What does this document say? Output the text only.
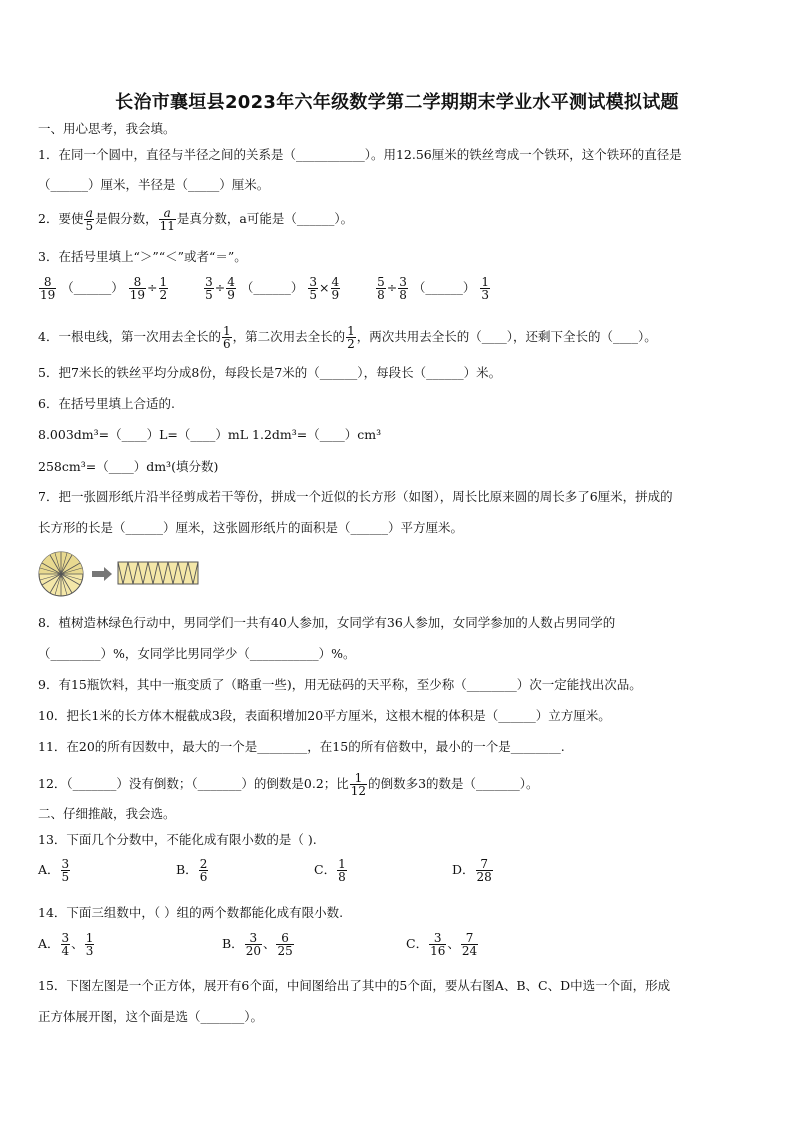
长治市襄垣县2023年六年级数学第二学期期末学业水平测试模拟试题
一、用心思考，我会填。
1．在同一个圆中，直径与半径之间的关系是（___________）。用12.56厘米的铁丝弯成一个铁环，这个铁环的直径是
（______）厘米，半径是（_____）厘米。
2．要使 $\frac{a}{5}$ 是假分数， $\frac{a}{11}$ 是真分数，a可能是（______）。
3．在括号里填上“＞”“＜”或者“＝”。
$\frac{8}{19}$ （______） $\frac{8}{19} \div \frac{1}{2}$
	$\frac{3}{5} \div \frac{4}{9}$ （______） $\frac{3}{5} \times \frac{4}{9}$
	$\frac{5}{8} \div \frac{3}{8}$ （______） $\frac{1}{3}$
4．一根电线，第一次用去全长的 $\frac{1}{6}$ ，第二次用去全长的 $\frac{1}{2}$ ，两次共用去全长的（____），还剩下全长的（____）。
5．把7米长的铁丝平均分成8份，每段长是7米的（______），每段长（______）米。
6．在括号里填上合适的.
8.003dm³=（____）L=（____）mL 1.2dm³=（____）cm³
258cm³=（____）dm³(填分数)
7．把一张圆形纸片沿半径剪成若干等份，拼成一个近似的长方形（如图），周长比原来圆的周长多了6厘米，拼成的
长方形的长是（______）厘米，这张圆形纸片的面积是（______）平方厘米。
8．植树造林绿色行动中，男同学们一共有40人参加，女同学有36人参加，女同学参加的人数占男同学的
（________）%，女同学比男同学少（___________）%。
9．有15瓶饮料，其中一瓶变质了（略重一些)，用无砝码的天平称，至少称（________）次一定能找出次品。
10．把长1米的长方体木棍截成3段，表面积增加20平方厘米，这根木棍的体积是（______）立方厘米。
11．在20的所有因数中，最大的一个是________，在15的所有倍数中，最小的一个是________.
12．（_______）没有倒数；（_______）的倒数是0.2；比 $\frac{1}{12}$ 的倒数多3的数是（_______）。
二、仔细推敲，我会选。
13．下面几个分数中，不能化成有限小数的是（ ).
A． $\frac{3}{5}$	B． $\frac{2}{6}$	C． $\frac{1}{8}$	D． $\frac{7}{28}$
14．下面三组数中，（ ）组的两个数都能化成有限小数.
A． $\frac{3}{4}$ 、 $\frac{1}{3}$	B． $\frac{3}{20}$ 、 $\frac{6}{25}$	C． $\frac{3}{16}$ 、 $\frac{7}{24}$
15．下图左图是一个正方体，展开有6个面，中间图给出了其中的5个面，要从右图A、B、C、D中选一个面，形成
正方体展开图，这个面是选（_______）。
